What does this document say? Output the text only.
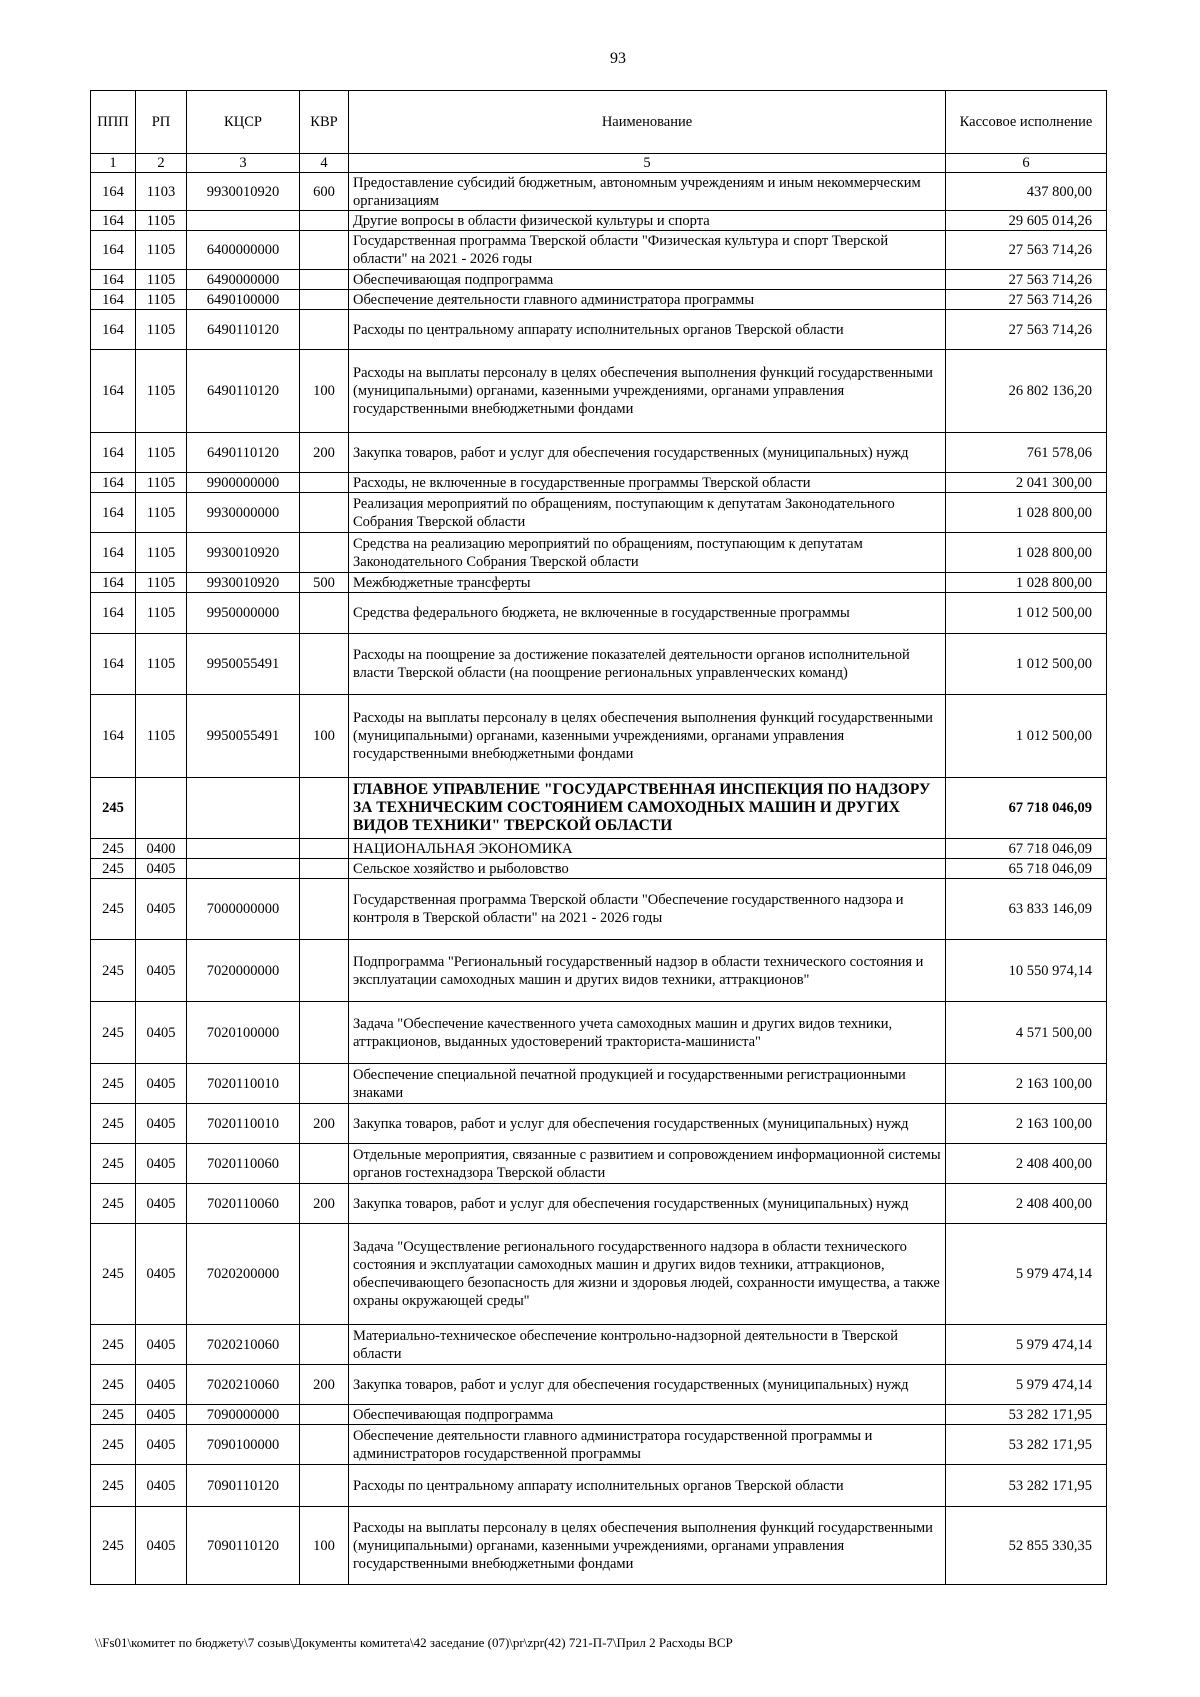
93
ППП	РП	КЦСР	КВР	Наименование	Кассовое исполнение
1	2	3	4	5	6
164	1103	9930010920	600	Предоставление субсидий бюджетным, автономным учреждениям и иным некоммерческим организациям	437 800,00
164	1105			Другие вопросы в области физической культуры и спорта	29 605 014,26
164	1105	6400000000		Государственная программа Тверской области "Физическая культура и спорт Тверской области" на 2021 - 2026 годы	27 563 714,26
164	1105	6490000000		Обеспечивающая подпрограмма	27 563 714,26
164	1105	6490100000		Обеспечение деятельности главного администратора программы	27 563 714,26
164	1105	6490110120		Расходы по центральному аппарату исполнительных органов Тверской области	27 563 714,26
164	1105	6490110120	100	Расходы на выплаты персоналу в целях обеспечения выполнения функций государственными (муниципальными) органами, казенными учреждениями, органами управления государственными внебюджетными фондами	26 802 136,20
164	1105	6490110120	200	Закупка товаров, работ и услуг для обеспечения государственных (муниципальных) нужд	761 578,06
164	1105	9900000000		Расходы, не включенные в государственные программы Тверской области	2 041 300,00
164	1105	9930000000		Реализация мероприятий по обращениям, поступающим к депутатам Законодательного Собрания Тверской области	1 028 800,00
164	1105	9930010920		Средства на реализацию мероприятий по обращениям, поступающим к депутатам Законодательного Собрания Тверской области	1 028 800,00
164	1105	9930010920	500	Межбюджетные трансферты	1 028 800,00
164	1105	9950000000		Средства федерального бюджета, не включенные в государственные программы	1 012 500,00
164	1105	9950055491		Расходы на поощрение за достижение показателей деятельности органов исполнительной власти Тверской области (на поощрение региональных управленческих команд)	1 012 500,00
164	1105	9950055491	100	Расходы на выплаты персоналу в целях обеспечения выполнения функций государственными (муниципальными) органами, казенными учреждениями, органами управления государственными внебюджетными фондами	1 012 500,00
245				ГЛАВНОЕ УПРАВЛЕНИЕ "ГОСУДАРСТВЕННАЯ ИНСПЕКЦИЯ ПО НАДЗОРУ ЗА ТЕХНИЧЕСКИМ СОСТОЯНИЕМ САМОХОДНЫХ МАШИН И ДРУГИХ ВИДОВ ТЕХНИКИ" ТВЕРСКОЙ ОБЛАСТИ	67 718 046,09
245	0400			НАЦИОНАЛЬНАЯ ЭКОНОМИКА	67 718 046,09
245	0405			Сельское хозяйство и рыболовство	65 718 046,09
245	0405	7000000000		Государственная программа Тверской области "Обеспечение государственного надзора и контроля в Тверской области" на 2021 - 2026 годы	63 833 146,09
245	0405	7020000000		Подпрограмма "Региональный государственный надзор в области технического состояния и эксплуатации самоходных машин и других видов техники, аттракционов"	10 550 974,14
245	0405	7020100000		Задача "Обеспечение качественного учета самоходных машин и других видов техники, аттракционов, выданных удостоверений тракториста-машиниста"	4 571 500,00
245	0405	7020110010		Обеспечение специальной печатной продукцией и государственными регистрационными знаками	2 163 100,00
245	0405	7020110010	200	Закупка товаров, работ и услуг для обеспечения государственных (муниципальных) нужд	2 163 100,00
245	0405	7020110060		Отдельные мероприятия, связанные с развитием и сопровождением информационной системы органов гостехнадзора Тверской области	2 408 400,00
245	0405	7020110060	200	Закупка товаров, работ и услуг для обеспечения государственных (муниципальных) нужд	2 408 400,00
245	0405	7020200000		Задача "Осуществление регионального государственного надзора в области технического состояния и эксплуатации самоходных машин и других видов техники, аттракционов, обеспечивающего безопасность для жизни и здоровья людей, сохранности имущества, а также охраны окружающей среды"	5 979 474,14
245	0405	7020210060		Материально-техническое обеспечение контрольно-надзорной деятельности в Тверской области	5 979 474,14
245	0405	7020210060	200	Закупка товаров, работ и услуг для обеспечения государственных (муниципальных) нужд	5 979 474,14
245	0405	7090000000		Обеспечивающая подпрограмма	53 282 171,95
245	0405	7090100000		Обеспечение деятельности главного администратора государственной программы и администраторов государственной программы	53 282 171,95
245	0405	7090110120		Расходы по центральному аппарату исполнительных органов Тверской области	53 282 171,95
245	0405	7090110120	100	Расходы на выплаты персоналу в целях обеспечения выполнения функций государственными (муниципальными) органами, казенными учреждениями, органами управления государственными внебюджетными фондами	52 855 330,35
\\Fs01\комитет по бюджету\7 созыв\Документы комитета\42 заседание (07)\pr\zpr(42) 721-П-7\Прил 2 Расходы ВСР
